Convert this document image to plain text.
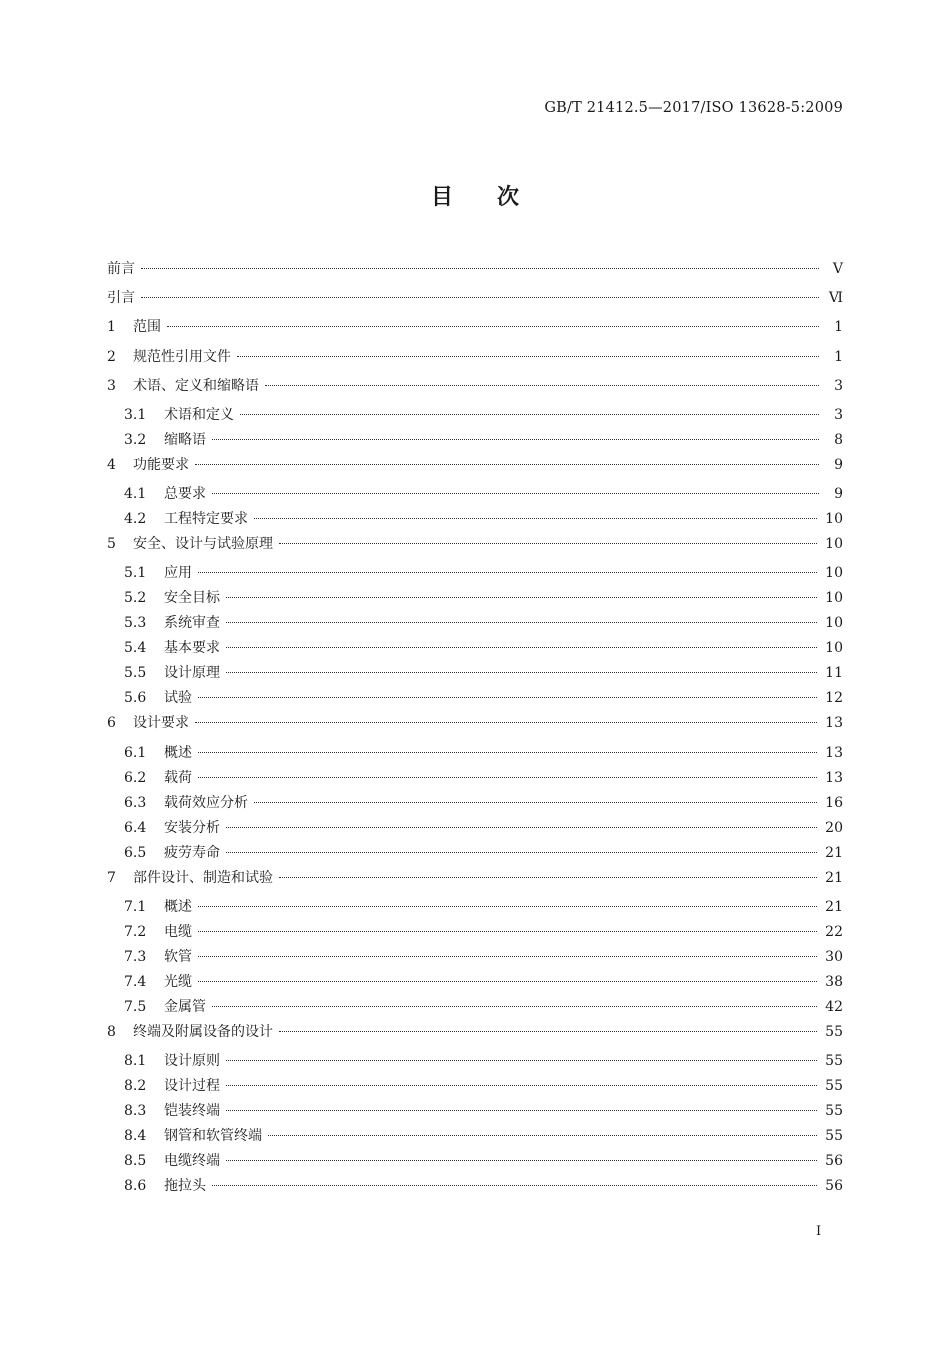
GB/T 21412.5—2017/ISO 13628-5:2009
目　　次
前言	Ⅴ
引言	Ⅵ
1	范围	1
2	规范性引用文件	1
3	术语、定义和缩略语	3
3.1	术语和定义	3
3.2	缩略语	8
4	功能要求	9
4.1	总要求	9
4.2	工程特定要求	10
5	安全、设计与试验原理	10
5.1	应用	10
5.2	安全目标	10
5.3	系统审查	10
5.4	基本要求	10
5.5	设计原理	11
5.6	试验	12
6	设计要求	13
6.1	概述	13
6.2	载荷	13
6.3	载荷效应分析	16
6.4	安装分析	20
6.5	疲劳寿命	21
7	部件设计、制造和试验	21
7.1	概述	21
7.2	电缆	22
7.3	软管	30
7.4	光缆	38
7.5	金属管	42
8	终端及附属设备的设计	55
8.1	设计原则	55
8.2	设计过程	55
8.3	铠装终端	55
8.4	钢管和软管终端	55
8.5	电缆终端	56
8.6	拖拉头	56
Ⅰ
